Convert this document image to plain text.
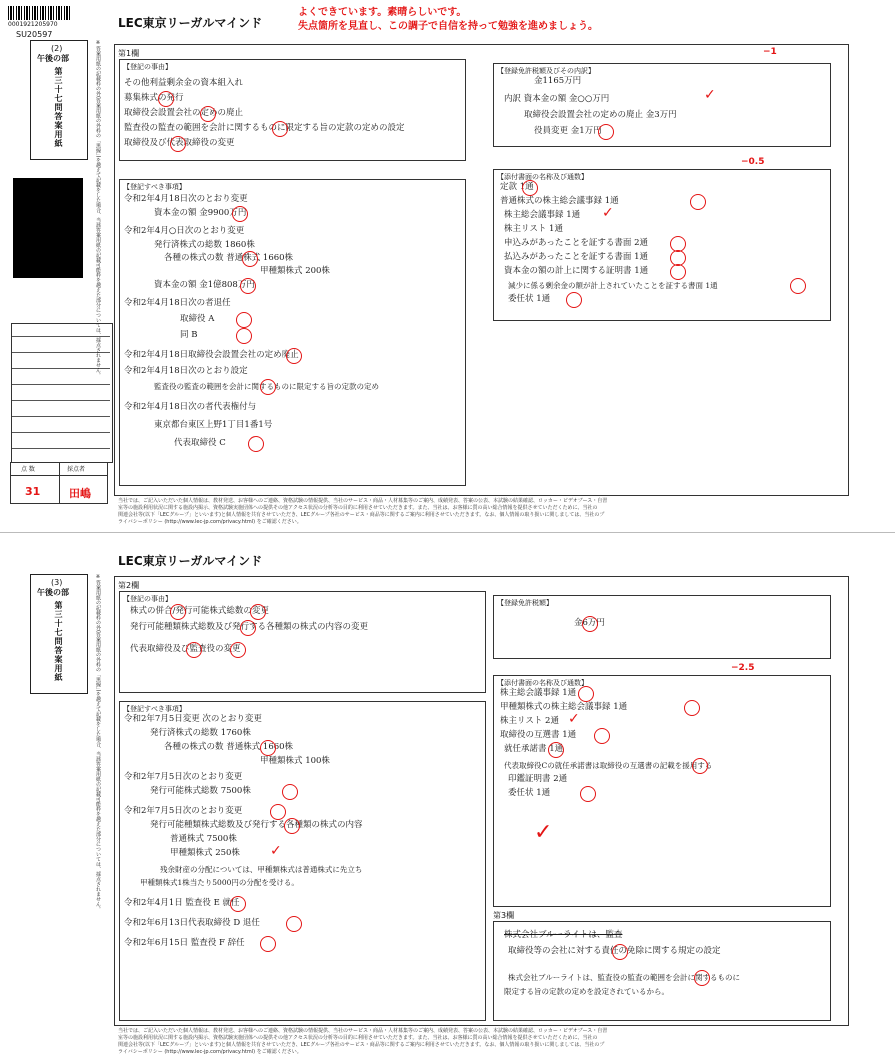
0001921205970
SU20597
LEC東京リーガルマインド
よくできています。素晴らしいです。
失点箇所を見直し、この調子で自信を持って勉強を進めましょう。
(2)
午後の部
第三十七問答案用紙
点 数	採点者
31	田嶋
※答案用紙の記載枠の外(答案用紙の外枠の「黒線」)を越えて記載をした場合、当該答案用紙の記載可能枠を越えた部分については、採点されません。 第1欄
【登記の事由】
その他利益剰余金の資本組入れ
募集株式の発行
取締役会設置会社の定めの廃止
監査役の監査の範囲を会計に関するものに限定する旨の定款の定めの設定
取締役及び代表取締役の変更
【登記すべき事項】
令和2年4月18日次のとおり変更
資本金の額 金9900万円
令和2年4月○日次のとおり変更
発行済株式の総数 1860株
各種の株式の数 普通株式 1660株
甲種類株式 200株
資本金の額 金1億808万円
令和2年4月18日次の者退任
取締役 A
同 B
令和2年4月18日取締役会設置会社の定め廃止
令和2年4月18日次のとおり設定
監査役の監査の範囲を会計に関するものに限定する旨の定款の定め
令和2年4月18日次の者代表権付与
東京都台東区上野1丁目1番1号
代表取締役 C
【登録免許税額及びその内訳】
金1165万円
内訳 資本金の額 金○○万円
取締役会設置会社の定めの廃止 金3万円
役員変更 金1万円
✓
−1
【添付書面の名称及び通数】
定款 1通
普通株式の株主総会議事録 1通
株主総会議事録 1通
株主リスト 1通
申込みがあったことを証する書面 2通
払込みがあったことを証する書面 1通
資本金の額の計上に関する証明書 1通
減少に係る剰余金の額が計上されていたことを証する書面 1通
委任状 1通
✓
−0.5
当社では、ご記入いただいた個人情報は、教材発送、お客様へのご連絡、資格試験の情報提供、当社のサービス・商品・人材募集等のご案内、成績発表、答案の公表、本試験の結果確認、ロッカー・ビデオブース・自習
室等の施設利用状況に関する施設内掲示、資格試験実施団体への提供その他アクセス状況の分析等の目的に利用させていただきます。また、当社は、お客様に質の高い総合情報を提供させていただくために、当社の
関連会社等(以下「LECグループ」といいます)と個人情報を共有させていただき、LECグループ各社のサービス・商品等に関するご案内に利用させていただきます。なお、個人情報の取り扱いに関しましては、当社のプ
ライバシーポリシー (http://www.lec-jp.com/privacy.html) をご確認ください。
LEC東京リーガルマインド
(3)
午後の部
第三十七問答案用紙	※答案用紙の記載枠の外(答案用紙の外枠の「黒線」)を越えて記載をした場合、当該答案用紙の記載可能枠を越えた部分については、採点されません。 第2欄
【登記の事由】
株式の併合/発行可能株式総数の変更
発行可能種類株式総数及び発行する各種類の株式の内容の変更
代表取締役及び監査役の変更
【登記すべき事項】
令和2年7月5日変更 次のとおり変更
発行済株式の総数 1760株
各種の株式の数 普通株式 1660株
甲種類株式 100株
令和2年7月5日次のとおり変更
発行可能株式総数 7500株
令和2年7月5日次のとおり変更
発行可能種類株式総数及び発行する各種類の株式の内容
普通株式 7500株
甲種類株式 250株
残余財産の分配については、甲種類株式は普通株式に先立ち
甲種類株式1株当たり5000円の分配を受ける。
令和2年4月1日 監査役 E 就任
令和2年6月13日代表取締役 D 退任
令和2年6月15日 監査役 F 辞任
✓
【登録免許税額】
金6万円
【添付書面の名称及び通数】
株主総会議事録 1通
甲種類株式の株主総会議事録 1通
株主リスト 2通
取締役の互選書 1通
就任承諾書 1通
代表取締役Cの就任承諾書は取締役の互選書の記載を援用する
印鑑証明書 2通
委任状 1通
✓
✓
−2.5
第3欄
株式会社ブルーライトは、監査
取締役等の会社に対する責任の免除に関する規定の設定
株式会社ブルーライトは、監査役の監査の範囲を会計に関するものに
限定する旨の定款の定めを設定されているから。
当社では、ご記入いただいた個人情報は、教材発送、お客様へのご連絡、資格試験の情報提供、当社のサービス・商品・人材募集等のご案内、成績発表、答案の公表、本試験の結果確認、ロッカー・ビデオブース・自習
室等の施設利用状況に関する施設内掲示、資格試験実施団体への提供その他アクセス状況の分析等の目的に利用させていただきます。また、当社は、お客様に質の高い総合情報を提供させていただくために、当社の
関連会社等(以下「LECグループ」といいます)と個人情報を共有させていただき、LECグループ各社のサービス・商品等に関するご案内に利用させていただきます。なお、個人情報の取り扱いに関しましては、当社のプ
ライバシーポリシー (http://www.lec-jp.com/privacy.html) をご確認ください。
